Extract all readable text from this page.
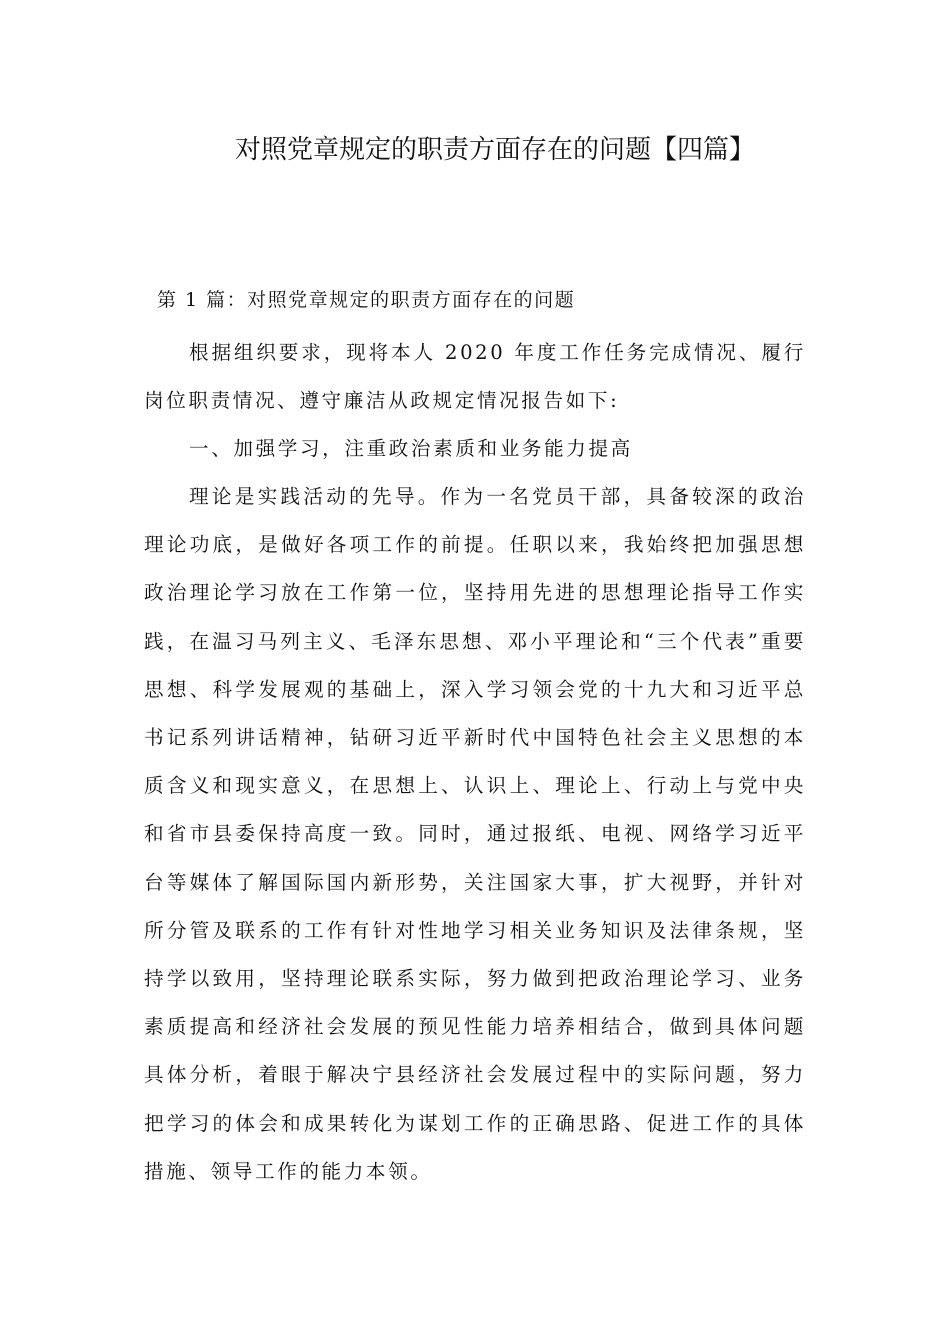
对照党章规定的职责方面存在的问题【四篇】
第 1 篇：对照党章规定的职责方面存在的问题

根据组织要求，现将本人 2020 年度工作任务完成情况、履行岗位职责情况、遵守廉洁从政规定情况报告如下:

一、加强学习，注重政治素质和业务能力提高

理论是实践活动的先导。作为一名党员干部，具备较深的政治理论功底，是做好各项工作的前提。任职以来，我始终把加强思想政治理论学习放在工作第一位，坚持用先进的思想理论指导工作实践，在温习马列主义、毛泽东思想、邓小平理论和“三个代表”重要思想、科学发展观的基础上，深入学习领会党的十九大和习近平总书记系列讲话精神，钻研习近平新时代中国特色社会主义思想的本质含义和现实意义，在思想上、认识上、理论上、行动上与党中央和省市县委保持高度一致。同时，通过报纸、电视、网络学习近平台等媒体了解国际国内新形势，关注国家大事，扩大视野，并针对所分管及联系的工作有针对性地学习相关业务知识及法律条规，坚持学以致用，坚持理论联系实际，努力做到把政治理论学习、业务素质提高和经济社会发展的预见性能力培养相结合，做到具体问题具体分析，着眼于解决宁县经济社会发展过程中的实际问题，努力把学习的体会和成果转化为谋划工作的正确思路、促进工作的具体措施、领导工作的能力本领。
